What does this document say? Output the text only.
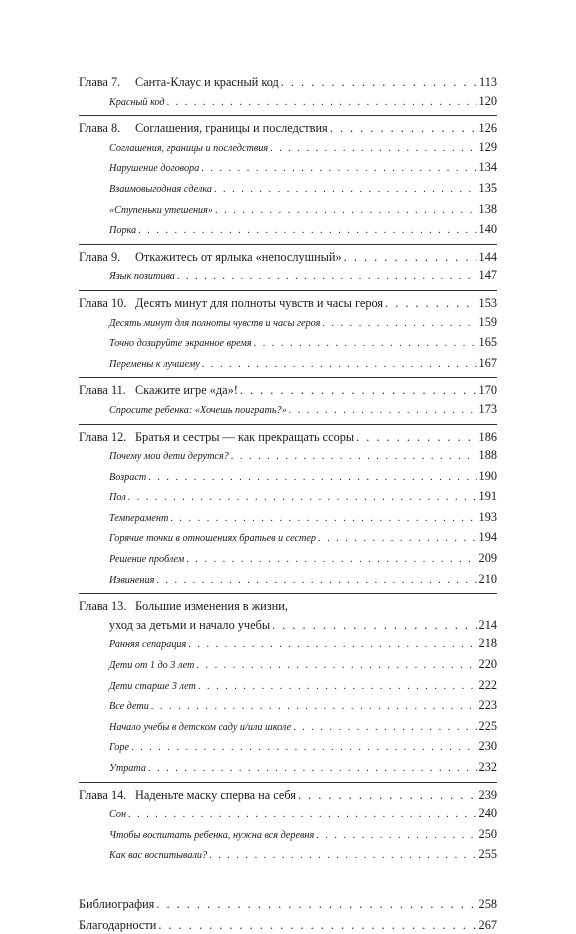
Глава 7.	Санта-Клаус и красный код . . .	113
Красный код . . .	120
Глава 8.	Соглашения, границы и последствия . . .	126
Соглашения, границы и последствия . . .	129
Нарушение договора . . .	134
Взаимовыгодная сделка . . .	135
«Ступеньки утешения» . . .	138
Порка . . .	140
Глава 9.	Откажитесь от ярлыка «непослушный» . . .	144
Язык позитива . . .	147
Глава 10. Десять минут для полноты чувств и часы героя . . .	153
Десять минут для полноты чувств и часы героя . . .	159
Точно дозируйте экранное время . . .	165
Перемены к лучшему . . .	167
Глава 11. Скажите игре «да»! . . .	170
Спросите ребенка: «Хочешь поиграть?» . . .	173
Глава 12. Братья и сестры — как прекращать ссоры . . .	186
Почему мои дети дерутся? . . .	188
Возраст . . .	190
Пол . . .	191
Темперамент . . .	193
Горячие точки в отношениях братьев и сестер . . .	194
Решение проблем . . .	209
Извинения . . .	210
Глава 13. Большие изменения в жизни,
уход за детьми и начало учебы . . .	214
Ранняя сепарация . . .	218
Дети от 1 до 3 лет . . .	220
Дети старше 3 лет . . .	222
Все дети . . .	223
Начало учебы в детском саду и/или школе . . .	225
Горе . . .	230
Утрата . . .	232
Глава 14. Наденьте маску сперва на себя . . .	239
Сон . . .	240
Чтобы воспитать ребенка, нужна вся деревня . . .	250
Как вас воспитывали? . . .	255
Библиография . . .	258
Благодарности . . .	267
